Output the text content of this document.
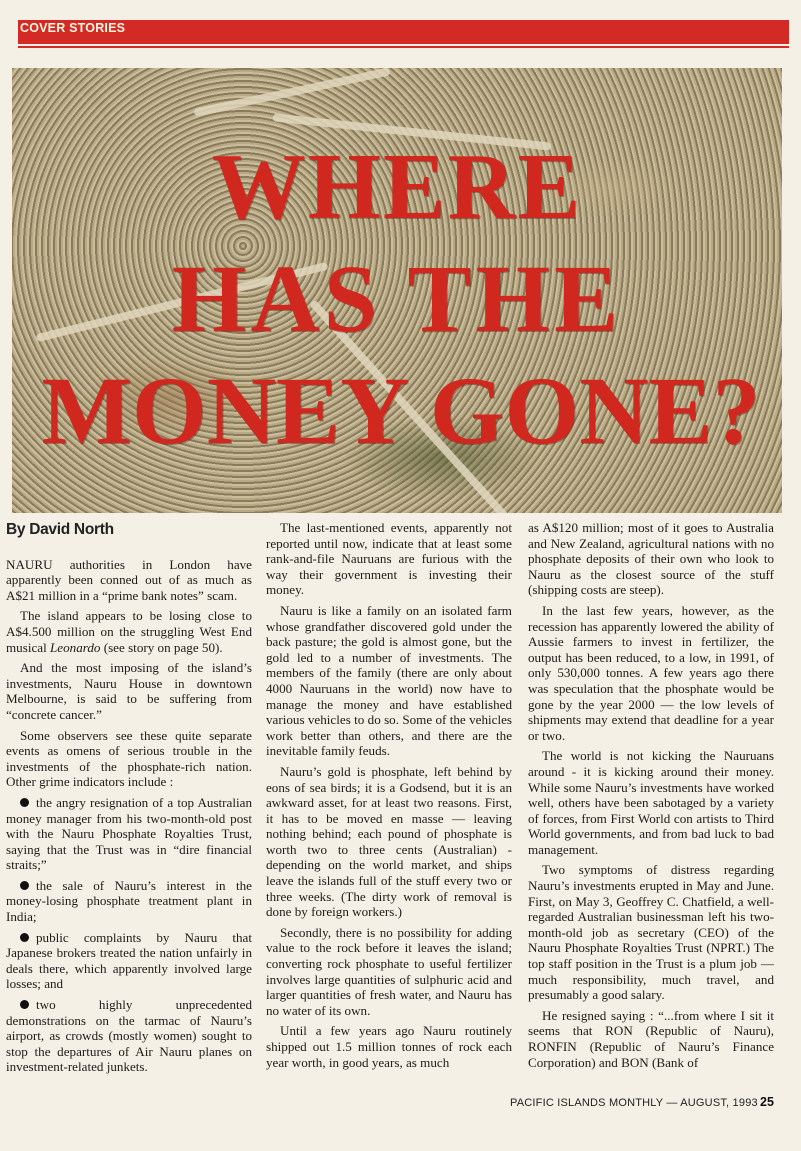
COVER STORIES
WHERE
HAS THE
MONEY GONE?
By David North

NAURU authorities in London have apparently been conned out of as much as A$21 million in a “prime bank notes” scam.

The island appears to be losing close to A$4.500 million on the struggling West End musical Leonardo (see story on page 50).

And the most imposing of the island’s investments, Nauru House in downtown Melbourne, is said to be suffering from “concrete cancer.”

Some observers see these quite separate events as omens of serious trouble in the investments of the phosphate-rich nation. Other grime indicators include :

the angry resignation of a top Australian money manager from his two-month-old post with the Nauru Phosphate Royalties Trust, saying that the Trust was in “dire financial straits;”

the sale of Nauru’s interest in the money-losing phosphate treatment plant in India;

public complaints by Nauru that Japanese brokers treated the nation unfairly in deals there, which apparently involved large losses; and

two highly unprecedented demonstrations on the tarmac of Nauru’s airport, as crowds (mostly women) sought to stop the departures of Air Nauru planes on investment-related junkets.

The last-mentioned events, apparently not reported until now, indicate that at least some rank-and-file Nauruans are furious with the way their government is investing their money.

Nauru is like a family on an isolated farm whose grandfather discovered gold under the back pasture; the gold is almost gone, but the gold led to a number of investments. The members of the family (there are only about 4000 Nauruans in the world) now have to manage the money and have established various vehicles to do so. Some of the vehicles work better than others, and there are the inevitable family feuds.

Nauru’s gold is phosphate, left behind by eons of sea birds; it is a Godsend, but it is an awkward asset, for at least two reasons. First, it has to be moved en masse — leaving nothing behind; each pound of phosphate is worth two to three cents (Australian) -depending on the world market, and ships leave the islands full of the stuff every two or three weeks. (The dirty work of removal is done by foreign workers.)

Secondly, there is no possibility for adding value to the rock before it leaves the island; converting rock phosphate to useful fertilizer involves large quantities of sulphuric acid and larger quantities of fresh water, and Nauru has no water of its own.

Until a few years ago Nauru routinely shipped out 1.5 million tonnes of rock each year worth, in good years, as much

as A$120 million; most of it goes to Australia and New Zealand, agricultural nations with no phosphate deposits of their own who look to Nauru as the closest source of the stuff (shipping costs are steep).

In the last few years, however, as the recession has apparently lowered the ability of Aussie farmers to invest in fertilizer, the output has been reduced, to a low, in 1991, of only 530,000 tonnes. A few years ago there was speculation that the phosphate would be gone by the year 2000 — the low levels of shipments may extend that deadline for a year or two.

The world is not kicking the Nauruans around - it is kicking around their money. While some Nauru’s investments have worked well, others have been sabotaged by a variety of forces, from First World con artists to Third World governments, and from bad luck to bad management.

Two symptoms of distress regarding Nauru’s investments erupted in May and June. First, on May 3, Geoffrey C. Chatfield, a well-regarded Australian businessman left his two-month-old job as secretary (CEO) of the Nauru Phosphate Royalties Trust (NPRT.) The top staff position in the Trust is a plum job — much responsibility, much travel, and presumably a good salary.

He resigned saying : “...from where I sit it seems that RON (Republic of Nauru), RONFIN (Republic of Nauru’s Finance Corporation) and BON (Bank of

PACIFIC ISLANDS MONTHLY — AUGUST, 1993 25
